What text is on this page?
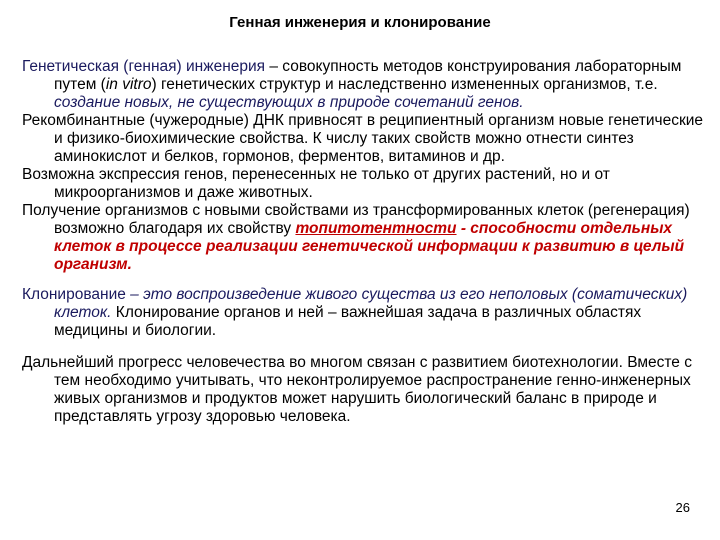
Генная инженерия и клонирование

Генетическая (генная) инженерия – совокупность методов конструирования лабораторным путем (in vitro) генетических структур и наследственно измененных организмов, т.е. создание новых, не существующих в природе сочетаний генов.

Рекомбинантные (чужеродные) ДНК привносят в реципиентный организм новые генетические и физико-биохимические свойства. К числу таких свойств можно отнести синтез аминокислот и белков, гормонов, ферментов, витаминов и др.

Возможна экспрессия генов, перенесенных не только от других растений, но и от микроорганизмов и даже животных.

Получение организмов с новыми свойствами из трансформированных клеток (регенерация) возможно благодаря их свойству топитотентности - способности отдельных клеток в процессе реализации генетической информации к развитию в целый организм.

Клонирование – это воспроизведение живого существа из его неполовых (соматических) клеток. Клонирование органов и ней – важнейшая задача в различных областях медицины и биологии.

Дальнейший прогресс человечества во многом связан с развитием биотехнологии. Вместе с тем необходимо учитывать, что неконтролируемое распространение генно-инженерных живых организмов и продуктов может нарушить биологический баланс в природе и представлять угрозу здоровью человека.

26
